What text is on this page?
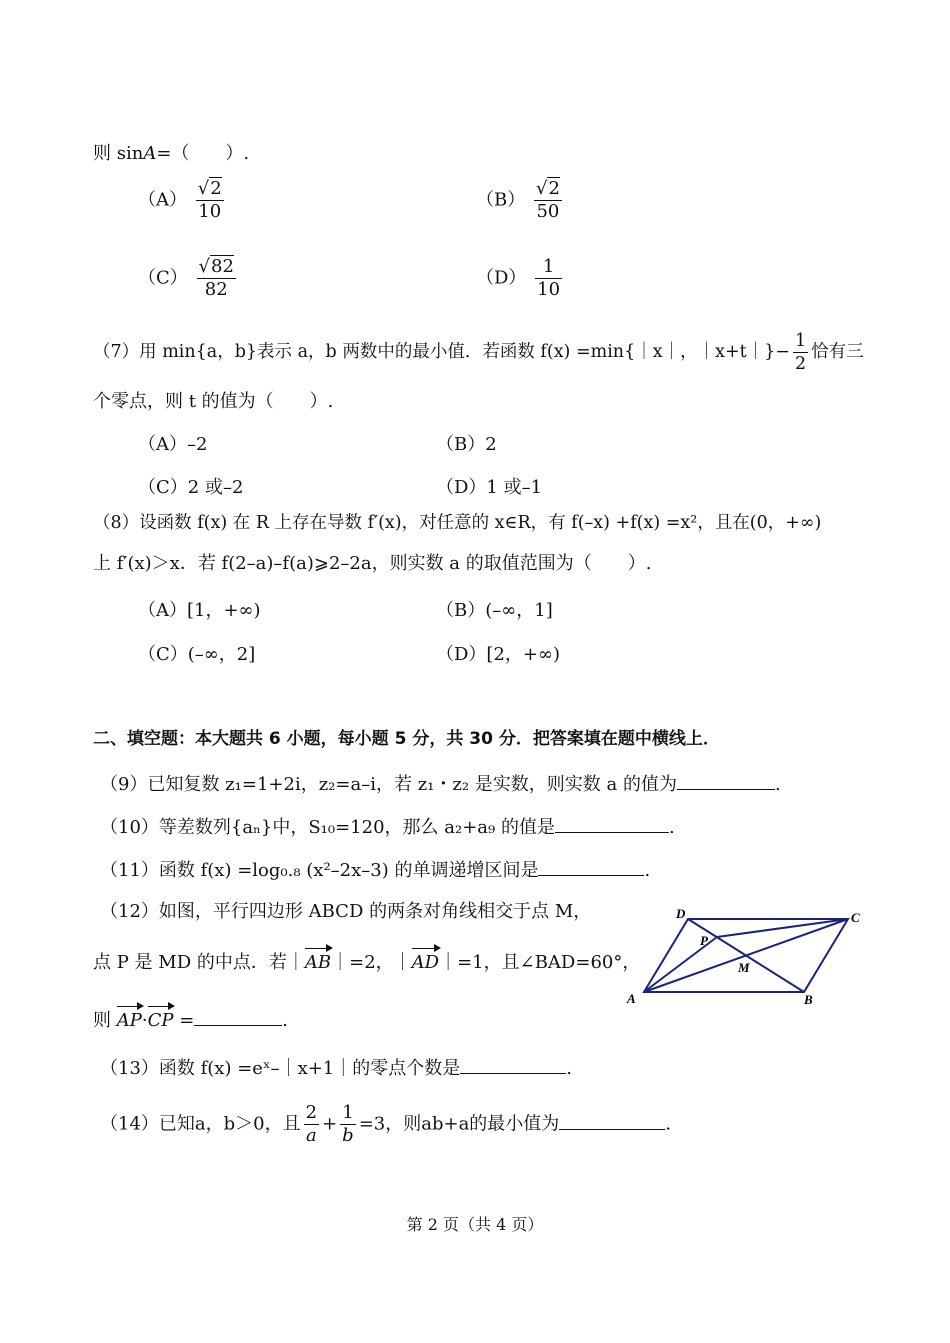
则 sinA=（　　）.
$(A) \frac{√2}{10}$	$(B) \frac{√2}{50}$
$(C) \frac{√82}{82}$	$(D) \frac{1}{10}$
（7）用 min{a，b}表示 a，b 两数中的最小值．若函数 f(x) =min{｜x｜，｜x+t｜}− $\frac{1}{2}$ 恰有三
个零点，则 t 的值为（　　）.
（A）–2	（B）2
（C）2 或–2	（D）1 或–1
（8）设函数 f(x) 在 R 上存在导数 f′(x)，对任意的 x∈R，有 f(–x) +f(x) =x²，且在(0，+∞)
上 f′(x)＞x．若 f(2–a)–f(a)⩾2–2a，则实数 a 的取值范围为（　　）.
（A）[1，+∞)	（B）(–∞，1]
（C）(–∞，2]	（D）[2，+∞)
二、填空题：本大题共 6 小题，每小题 5 分，共 30 分．把答案填在题中横线上．
（9）已知复数 z₁=1+2i，z₂=a–i，若 z₁・z₂ 是实数，则实数 a 的值为	.
（10）等差数列{aₙ}中，S₁₀=120，那么 a₂+a₉ 的值是	.
（11）函数 f(x) =log₀.₈ (x²–2x–3) 的单调递增区间是	.
（12）如图，平行四边形 ABCD 的两条对角线相交于点 M，
点 P 是 MD 的中点．若｜AB｜=2，｜AD｜=1，且∠BAD=60°，
则 AP·CP =	.
A	B
C
D
P
M
（13）函数 f(x) =eˣ–｜x+1｜的零点个数是	.
（14）已知a，b＞0，且 $\frac{2}{a} + \frac{1}{b} =3$，则ab+a的最小值为	.
第 2 页（共 4 页）
